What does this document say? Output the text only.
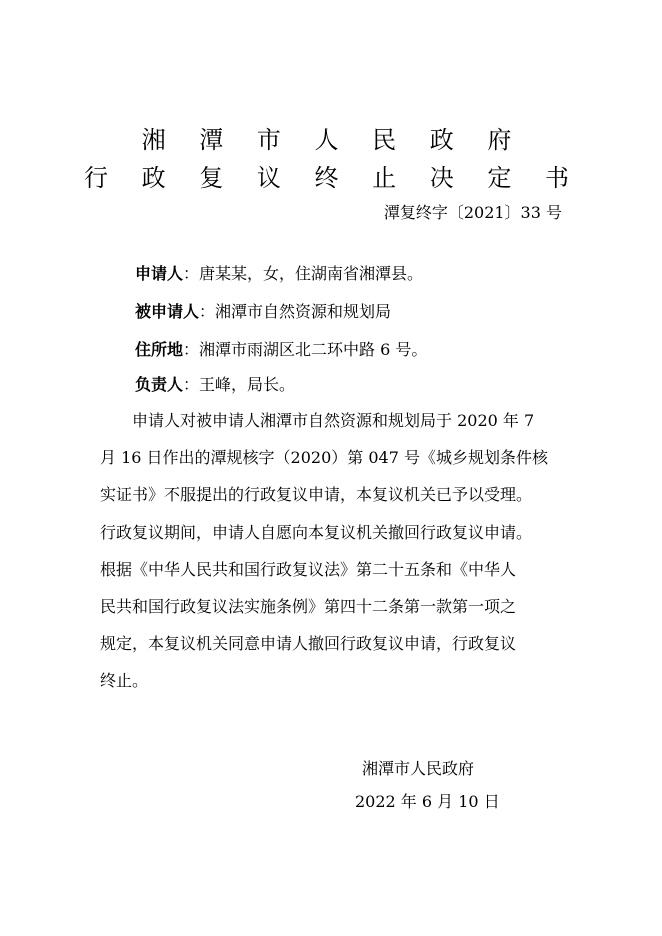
湘 潭 市 人 民 政 府
行 政 复 议 终 止 决 定 书
潭复终字〔2021〕33 号
申请人：唐某某，女，住湖南省湘潭县。
被申请人：湘潭市自然资源和规划局
住所地：湘潭市雨湖区北二环中路 6 号。
负责人：王峰，局长。
申请人对被申请人湘潭市自然资源和规划局于 2020 年 7
月 16 日作出的潭规核字（2020）第 047 号《城乡规划条件核
实证书》不服提出的行政复议申请，本复议机关已予以受理。
行政复议期间，申请人自愿向本复议机关撤回行政复议申请。
根据《中华人民共和国行政复议法》第二十五条和《中华人
民共和国行政复议法实施条例》第四十二条第一款第一项之
规定，本复议机关同意申请人撤回行政复议申请，行政复议
终止。
湘潭市人民政府
2022 年 6 月 10 日
